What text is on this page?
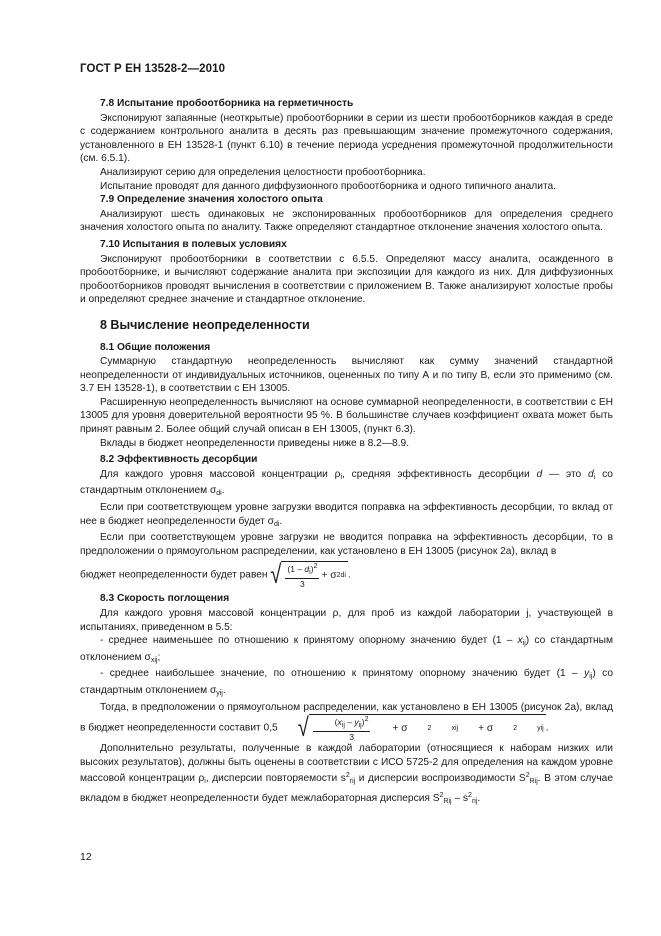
ГОСТ Р ЕН 13528-2—2010
7.8 Испытание пробоотборника на герметичность

Экспонируют запаянные (неоткрытые) пробоотборники в серии из шести пробоотборников каждая в среде с содержанием контрольного аналита в десять раз превышающим значение промежуточного содержания, установленного в ЕН 13528-1 (пункт 6.10) в течение периода усреднения промежуточной продолжительности (см. 6.5.1).

Анализируют серию для определения целостности пробоотборника.

Испытание проводят для данного диффузионного пробоотборника и одного типичного аналита.

7.9 Определение значения холостого опыта

Анализируют шесть одинаковых не экспонированных пробоотборников для определения среднего значения холостого опыта по аналиту. Также определяют стандартное отклонение значения холостого опыта.

7.10 Испытания в полевых условиях

Экспонируют пробоотборники в соответствии с 6.5.5. Определяют массу аналита, осажденного в пробоотборнике, и вычисляют содержание аналита при экспозиции для каждого из них. Для диффузионных пробоотборников проводят вычисления в соответствии с приложением В. Также анализируют холостые пробы и определяют среднее значение и стандартное отклонение.

8 Вычисление неопределенности
8.1 Общие положения

Суммарную стандартную неопределенность вычисляют как сумму значений стандартной неопределенности от индивидуальных источников, оцененных по типу А и по типу В, если это применимо (см. 3.7 ЕН 13528-1), в соответствии с ЕН 13005.

Расширенную неопределенность вычисляют на основе суммарной неопределенности, в соответствии с ЕН 13005 для уровня доверительной вероятности 95 %. В большинстве случаев коэффициент охвата может быть принят равным 2. Более общий случай описан в ЕН 13005, (пункт 6.3).

Вклады в бюджет неопределенности приведены ниже в 8.2—8.9.

8.2 Эффективность десорбции

Для каждого уровня массовой концентрации $\rho_i$, средняя эффективность десорбции d — это $d_i$ со стандартным отклонением $\sigma_{di}$.

Если при соответствующем уровне загрузки вводится поправка на эффективность десорбции, то вклад от нее в бюджет неопределенности будет $\sigma_{di}$.

Если при соответствующем уровне загрузки не вводится поправка на эффективность десорбции, то в предположении о прямоугольном распределении, как установлено в ЕН 13005 (рисунок 2а), вклад в

бюджет неопределенности будет равен √ $\frac{(1 - d_i)^2}{3} + \sigma$ 2 di .

8.3 Скорость поглощения

Для каждого уровня массовой концентрации ρ, для проб из каждой лаборатории j, участвующей в испытаниях, приведенном в 5.5:

- среднее наименьшее по отношению к принятому опорному значению будет $(1 - x_{ij})$ со стандартным отклонением $\sigma_{xij}$;

- среднее наибольшее значение, по отношению к принятому опорному значению будет $(1 - y_{ij})$ со стандартным отклонением $\sigma_{yij}$.

Тогда, в предположении о прямоугольном распределении, как установлено в ЕН 13005 (рисунок 2а), вклад в бюджет неопределенности составит 0,5	√ $\frac{(x_{ij} - y_{ij})^2}{3} + \sigma$	2	xij + σ	2	yij .

Дополнительно результаты, полученные в каждой лаборатории (относящиеся к наборам низких или высоких результатов), должны быть оценены в соответствии с ИСО 5725-2 для определения на каждом уровне массовой концентрации $\rho_i$, дисперсии повторяемости $s^2_{rij}$ и дисперсии воспроизводимости $S^2_{Rij}$. В этом случае вкладом в бюджет неопределенности будет межлабораторная дисперсия $S^2_{Rij} - s^2_{rij}$.

12
